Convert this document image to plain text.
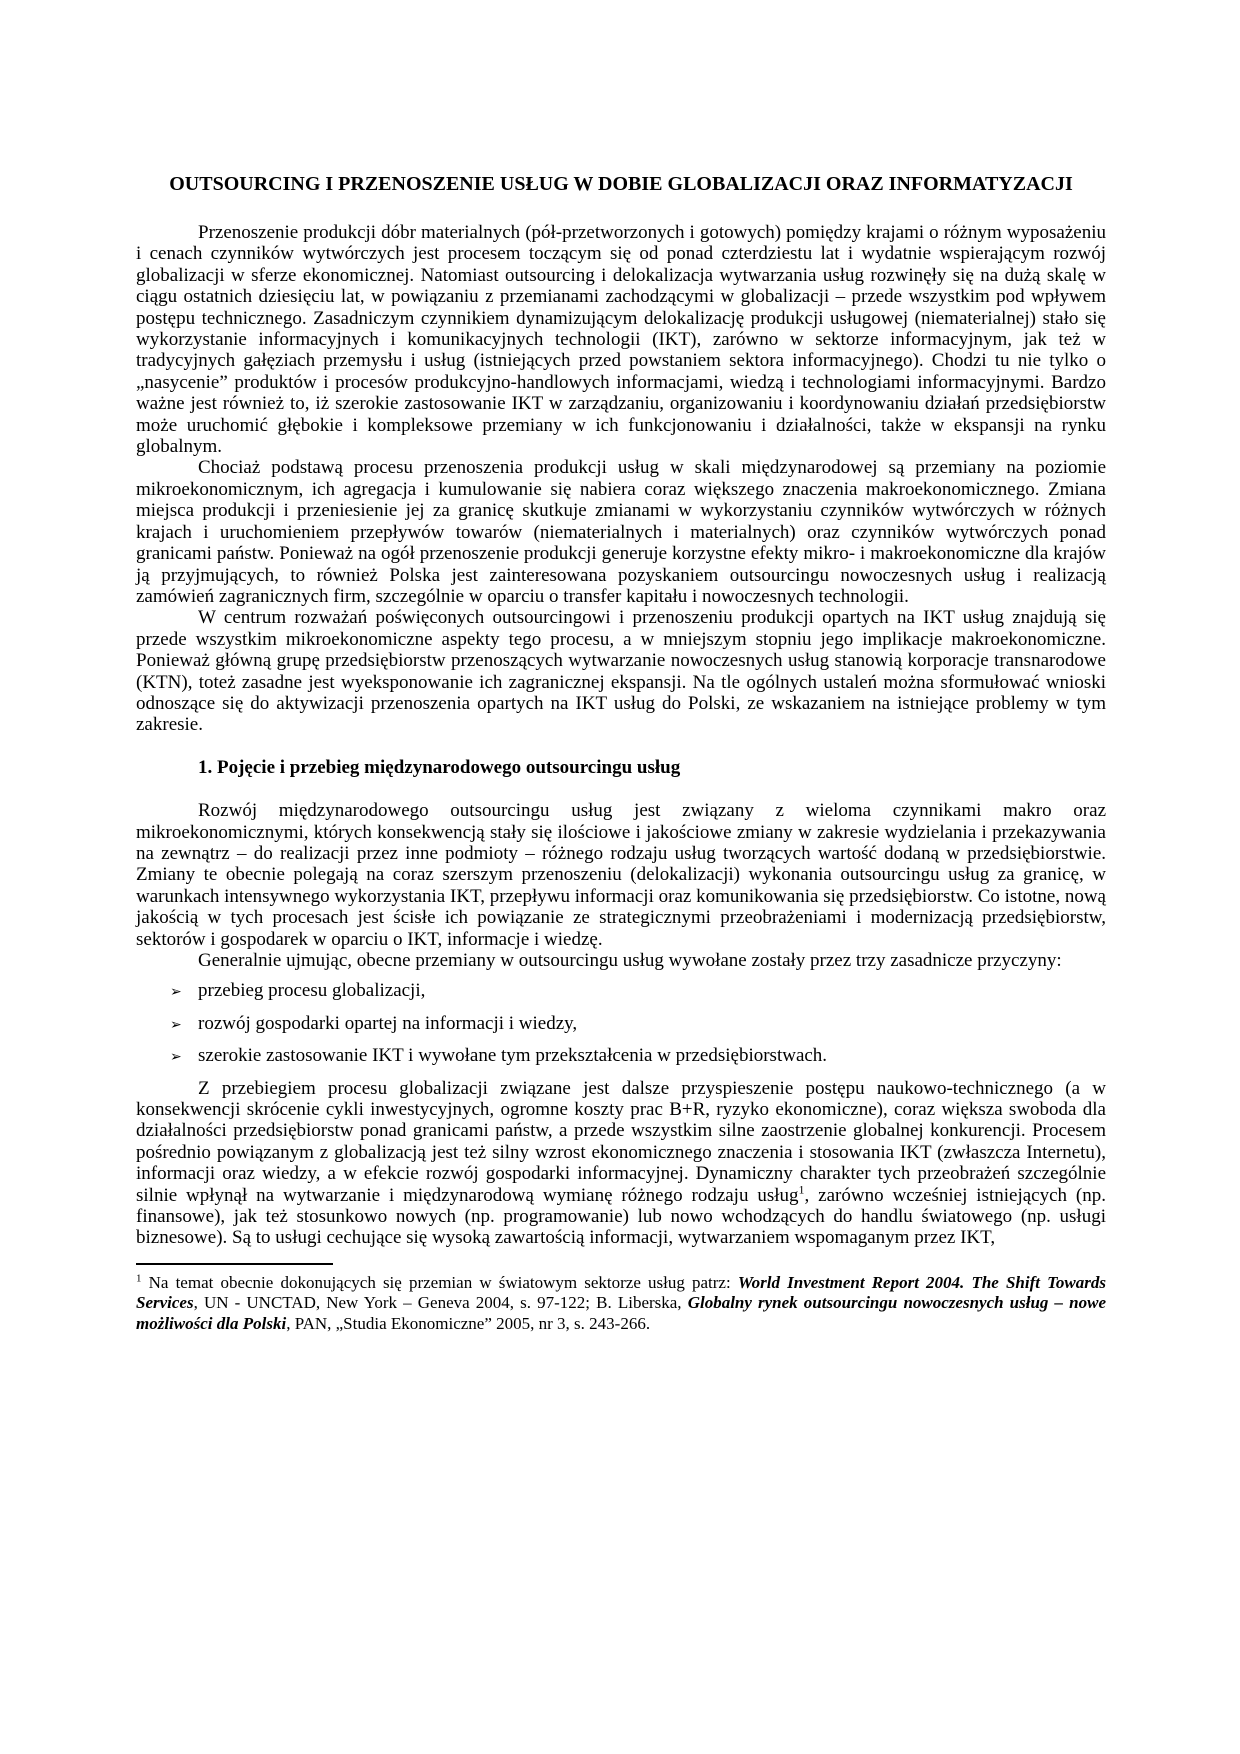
OUTSOURCING I PRZENOSZENIE USŁUG W DOBIE GLOBALIZACJI ORAZ INFORMATYZACJI

Przenoszenie produkcji dóbr materialnych (pół-przetworzonych i gotowych) pomiędzy krajami o różnym wyposażeniu i cenach czynników wytwórczych jest procesem toczącym się od ponad czterdziestu lat i wydatnie wspierającym rozwój globalizacji w sferze ekonomicznej. Natomiast outsourcing i delokalizacja wytwarzania usług rozwinęły się na dużą skalę w ciągu ostatnich dziesięciu lat, w powiązaniu z przemianami zachodzącymi w globalizacji – przede wszystkim pod wpływem postępu technicznego. Zasadniczym czynnikiem dynamizującym delokalizację produkcji usługowej (niematerialnej) stało się wykorzystanie informacyjnych i komunikacyjnych technologii (IKT), zarówno w sektorze informacyjnym, jak też w tradycyjnych gałęziach przemysłu i usług (istniejących przed powstaniem sektora informacyjnego). Chodzi tu nie tylko o „nasycenie” produktów i procesów produkcyjno-handlowych informacjami, wiedzą i technologiami informacyjnymi. Bardzo ważne jest również to, iż szerokie zastosowanie IKT w zarządzaniu, organizowaniu i koordynowaniu działań przedsiębiorstw może uruchomić głębokie i kompleksowe przemiany w ich funkcjonowaniu i działalności, także w ekspansji na rynku globalnym.

Chociaż podstawą procesu przenoszenia produkcji usług w skali międzynarodowej są przemiany na poziomie mikroekonomicznym, ich agregacja i kumulowanie się nabiera coraz większego znaczenia makroekonomicznego. Zmiana miejsca produkcji i przeniesienie jej za granicę skutkuje zmianami w wykorzystaniu czynników wytwórczych w różnych krajach i uruchomieniem przepływów towarów (niematerialnych i materialnych) oraz czynników wytwórczych ponad granicami państw. Ponieważ na ogół przenoszenie produkcji generuje korzystne efekty mikro- i makroekonomiczne dla krajów ją przyjmujących, to również Polska jest zainteresowana pozyskaniem outsourcingu nowoczesnych usług i realizacją zamówień zagranicznych firm, szczególnie w oparciu o transfer kapitału i nowoczesnych technologii.

W centrum rozważań poświęconych outsourcingowi i przenoszeniu produkcji opartych na IKT usług znajdują się przede wszystkim mikroekonomiczne aspekty tego procesu, a w mniejszym stopniu jego implikacje makroekonomiczne. Ponieważ główną grupę przedsiębiorstw przenoszących wytwarzanie nowoczesnych usług stanowią korporacje transnarodowe (KTN), toteż zasadne jest wyeksponowanie ich zagranicznej ekspansji. Na tle ogólnych ustaleń można sformułować wnioski odnoszące się do aktywizacji przenoszenia opartych na IKT usług do Polski, ze wskazaniem na istniejące problemy w tym zakresie.

1. Pojęcie i przebieg międzynarodowego outsourcingu usług

Rozwój międzynarodowego outsourcingu usług jest związany z wieloma czynnikami makro oraz mikroekonomicznymi, których konsekwencją stały się ilościowe i jakościowe zmiany w zakresie wydzielania i przekazywania na zewnątrz – do realizacji przez inne podmioty – różnego rodzaju usług tworzących wartość dodaną w przedsiębiorstwie. Zmiany te obecnie polegają na coraz szerszym przenoszeniu (delokalizacji) wykonania outsourcingu usług za granicę, w warunkach intensywnego wykorzystania IKT, przepływu informacji oraz komunikowania się przedsiębiorstw. Co istotne, nową jakością w tych procesach jest ścisłe ich powiązanie ze strategicznymi przeobrażeniami i modernizacją przedsiębiorstw, sektorów i gospodarek w oparciu o IKT, informacje i wiedzę.

Generalnie ujmując, obecne przemiany w outsourcingu usług wywołane zostały przez trzy zasadnicze przyczyny:

➢ przebieg procesu globalizacji,
➢ rozwój gospodarki opartej na informacji i wiedzy,
➢ szerokie zastosowanie IKT i wywołane tym przekształcenia w przedsiębiorstwach.

Z przebiegiem procesu globalizacji związane jest dalsze przyspieszenie postępu naukowo-technicznego (a w konsekwencji skrócenie cykli inwestycyjnych, ogromne koszty prac B+R, ryzyko ekonomiczne), coraz większa swoboda dla działalności przedsiębiorstw ponad granicami państw, a przede wszystkim silne zaostrzenie globalnej konkurencji. Procesem pośrednio powiązanym z globalizacją jest też silny wzrost ekonomicznego znaczenia i stosowania IKT (zwłaszcza Internetu), informacji oraz wiedzy, a w efekcie rozwój gospodarki informacyjnej. Dynamiczny charakter tych przeobrażeń szczególnie silnie wpłynął na wytwarzanie i międzynarodową wymianę różnego rodzaju usług$^1$, zarówno wcześniej istniejących (np. finansowe), jak też stosunkowo nowych (np. programowanie) lub nowo wchodzących do handlu światowego (np. usługi biznesowe). Są to usługi cechujące się wysoką zawartością informacji, wytwarzaniem wspomaganym przez IKT,

$^1$ Na temat obecnie dokonujących się przemian w światowym sektorze usług patrz: World Investment Report 2004. The Shift Towards Services, UN - UNCTAD, New York – Geneva 2004, s. 97-122; B. Liberska, Globalny rynek outsourcingu nowoczesnych usług – nowe możliwości dla Polski, PAN, „Studia Ekonomiczne” 2005, nr 3, s. 243-266.
